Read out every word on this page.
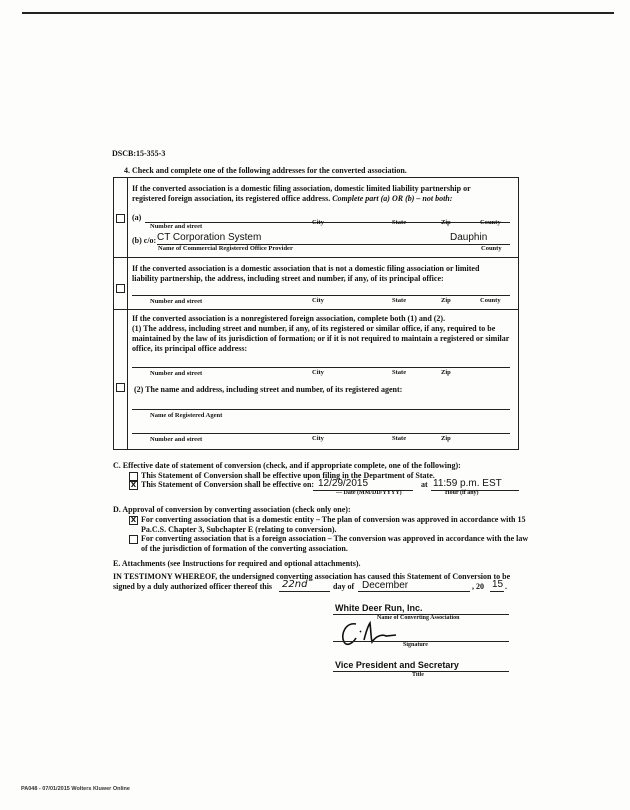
DSCB:15-355-3
4. Check and complete one of the following addresses for the converted association.
If the converted association is a domestic filing association, domestic limited liability partnership or
registered foreign association, its registered office address. Complete part (a) OR (b) – not both:
(a)
Number and street
City	State	Zip	County
(b) c/o: CT Corporation System	Dauphin
Name of Commercial Registered Office Provider	County
If the converted association is a domestic association that is not a domestic filing association or limited
liability partnership, the address, including street and number, if any, of its principal office:
Number and street	City	State	Zip	County
If the converted association is a nonregistered foreign association, complete both (1) and (2).
(1) The address, including street and number, if any, of its registered or similar office, if any, required to be
maintained by the law of its jurisdiction of formation; or if it is not required to maintain a registered or similar
office, its principal office address:
Number and street	City	State	Zip
(2) The name and address, including street and number, of its registered agent:
Name of Registered Agent
Number and street	City	State	Zip
C. Effective date of statement of conversion (check, and if appropriate complete, one of the following):
This Statement of Conversion shall be effective upon filing in the Department of State.
X This Statement of Conversion shall be effective on: 12/29/2015	at 11:59 p.m. EST
— Date (MM/DD/YYYY)	Hour (if any)
D. Approval of conversion by converting association (check only one):
X For converting association that is a domestic entity – The plan of conversion was approved in accordance with 15
Pa.C.S. Chapter 3, Subchapter E (relating to conversion).
For converting association that is a foreign association – The conversion was approved in accordance with the law
of the jurisdiction of formation of the converting association.
E. Attachments (see Instructions for required and optional attachments).
IN TESTIMONY WHEREOF, the undersigned converting association has caused this Statement of Conversion to be
signed by a duly authorized officer thereof this 22nd	day of December	, 20 15 .
White Deer Run, Inc.
Name of Converting Association
Signature
Vice President and Secretary
Title
PA048 - 07/01/2015 Wolters Kluwer Online
